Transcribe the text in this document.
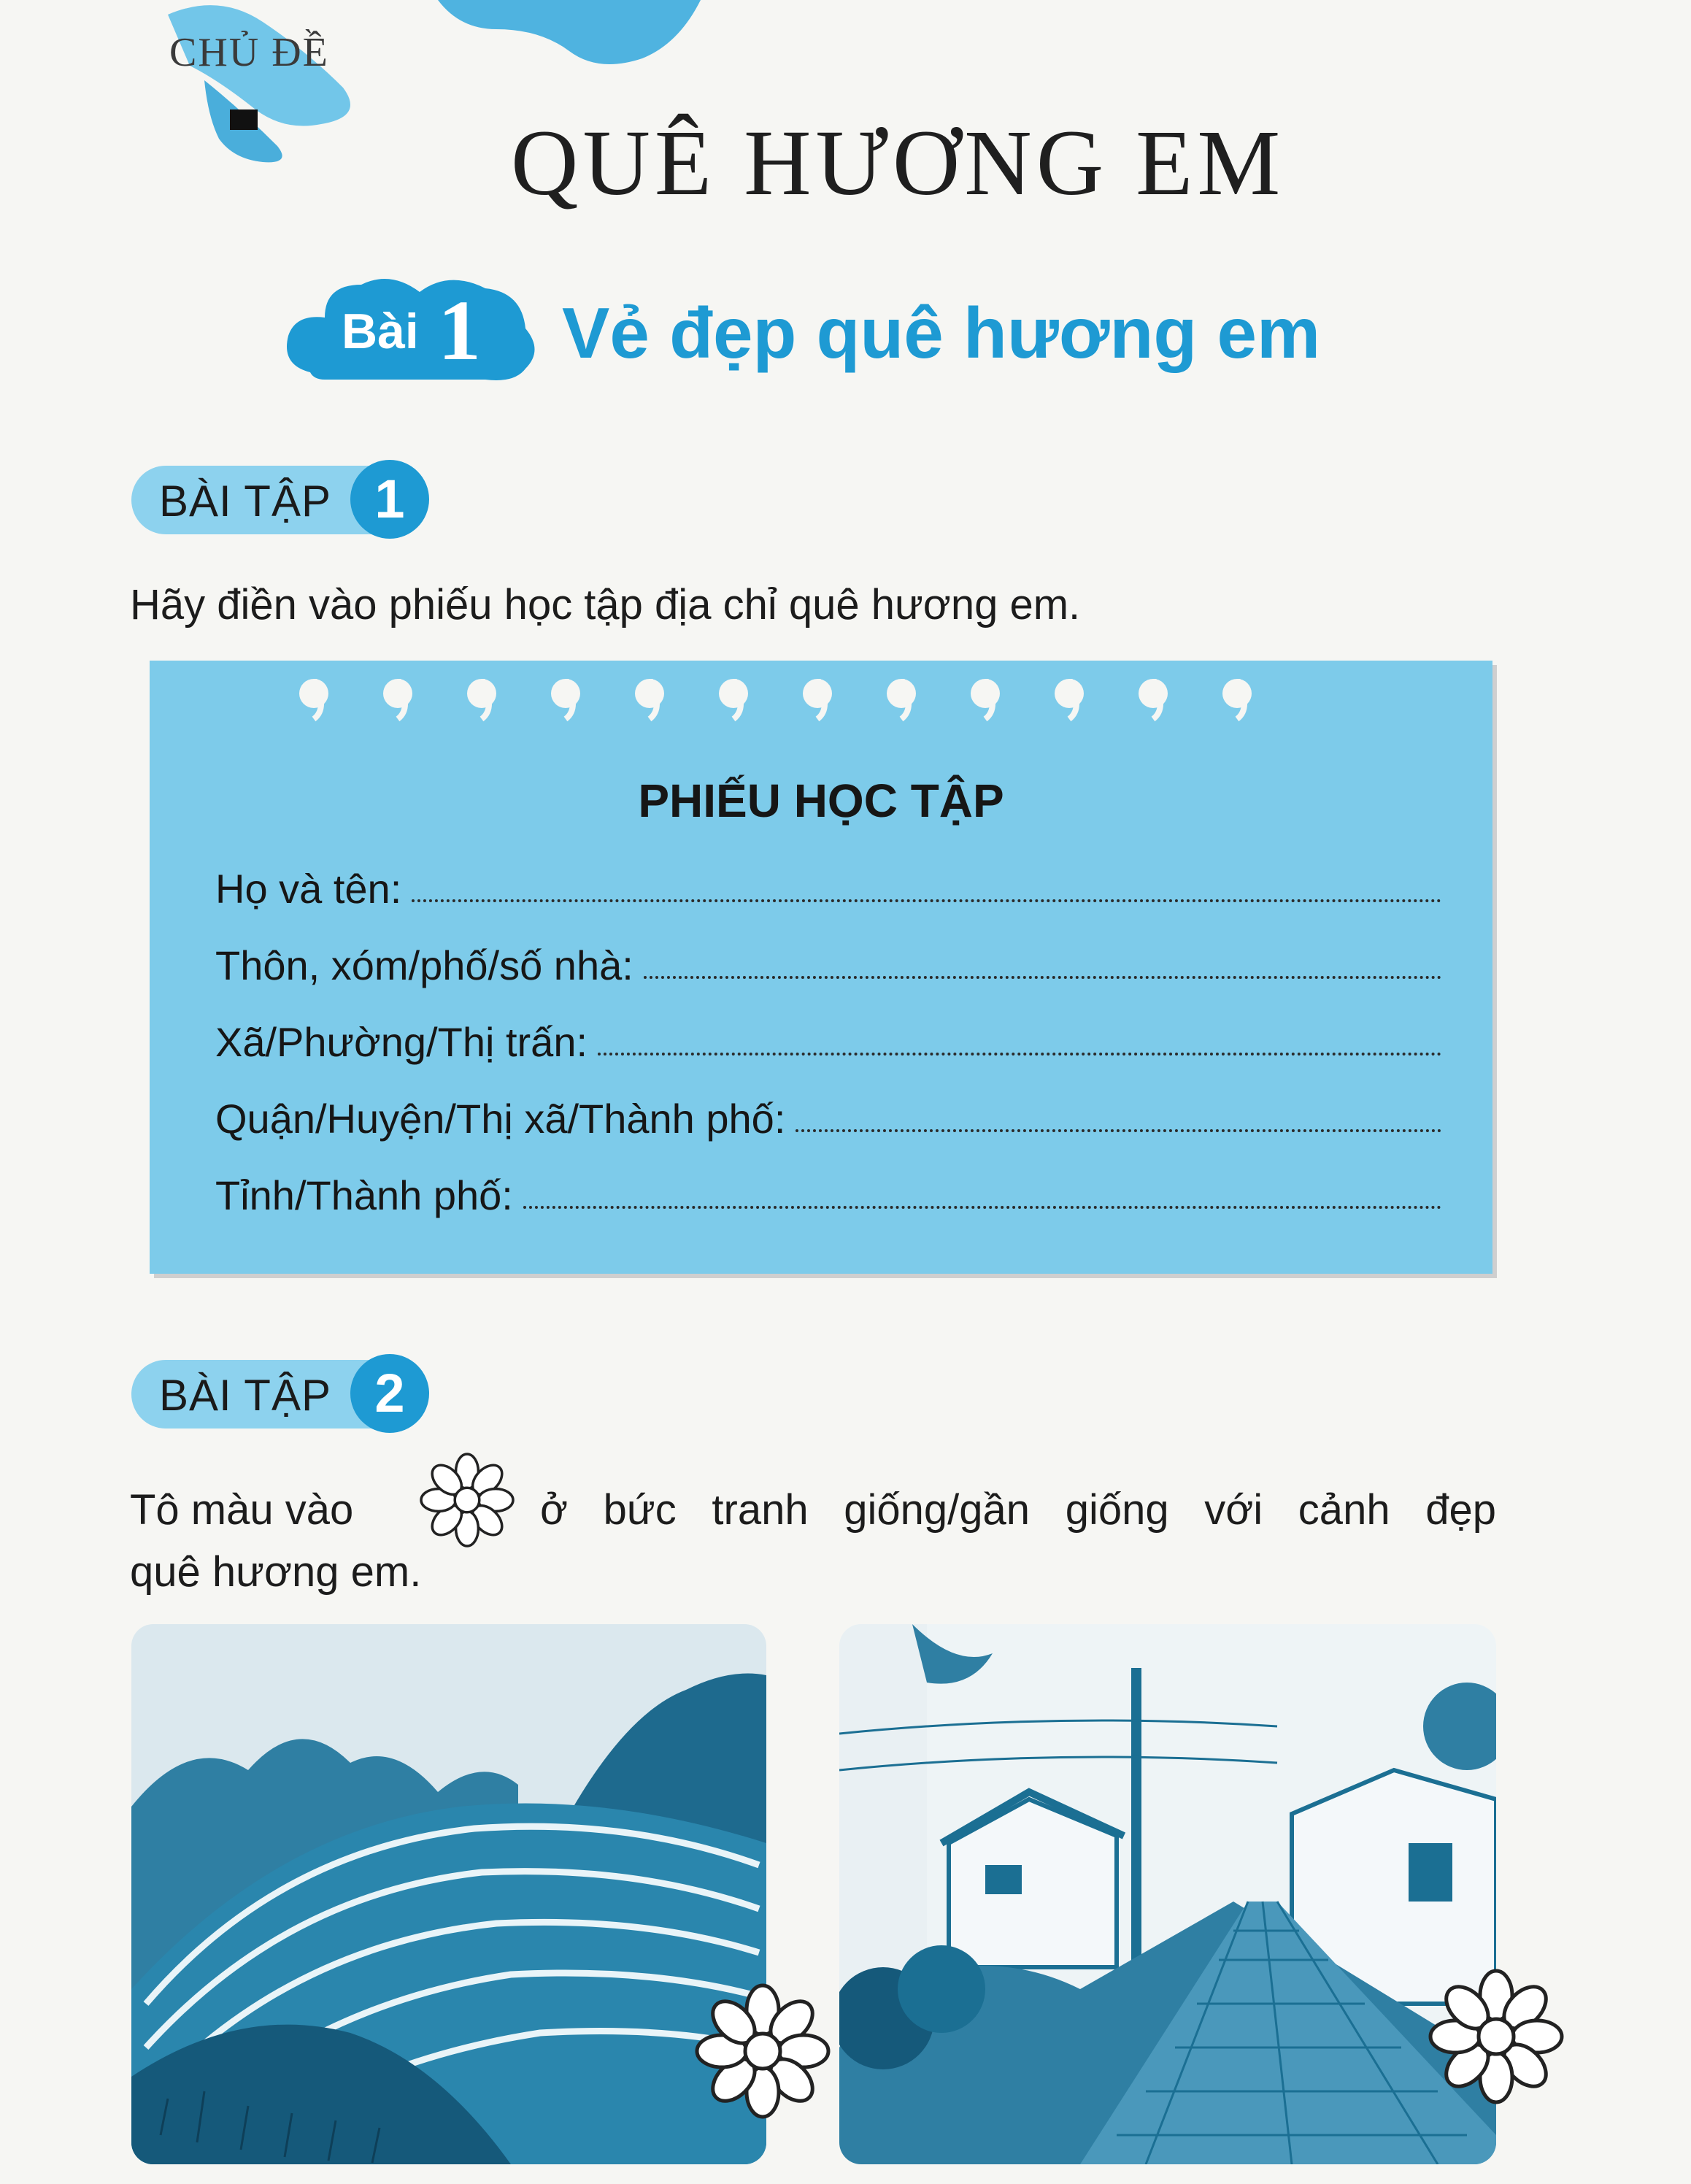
CHỦ ĐỀ
QUÊ HƯƠNG EM
Bài 1 Vẻ đẹp quê hương em
BÀI TẬP 1
Hãy điền vào phiếu học tập địa chỉ quê hương em.
PHIẾU HỌC TẬP
Họ và tên:
Thôn, xóm/phố/số nhà:
Xã/Phường/Thị trấn:
Quận/Huyện/Thị xã/Thành phố:
Tỉnh/Thành phố:
BÀI TẬP 2
Tô màu vào	ở bức tranh giống/gần giống với cảnh đẹp
quê hương em.
